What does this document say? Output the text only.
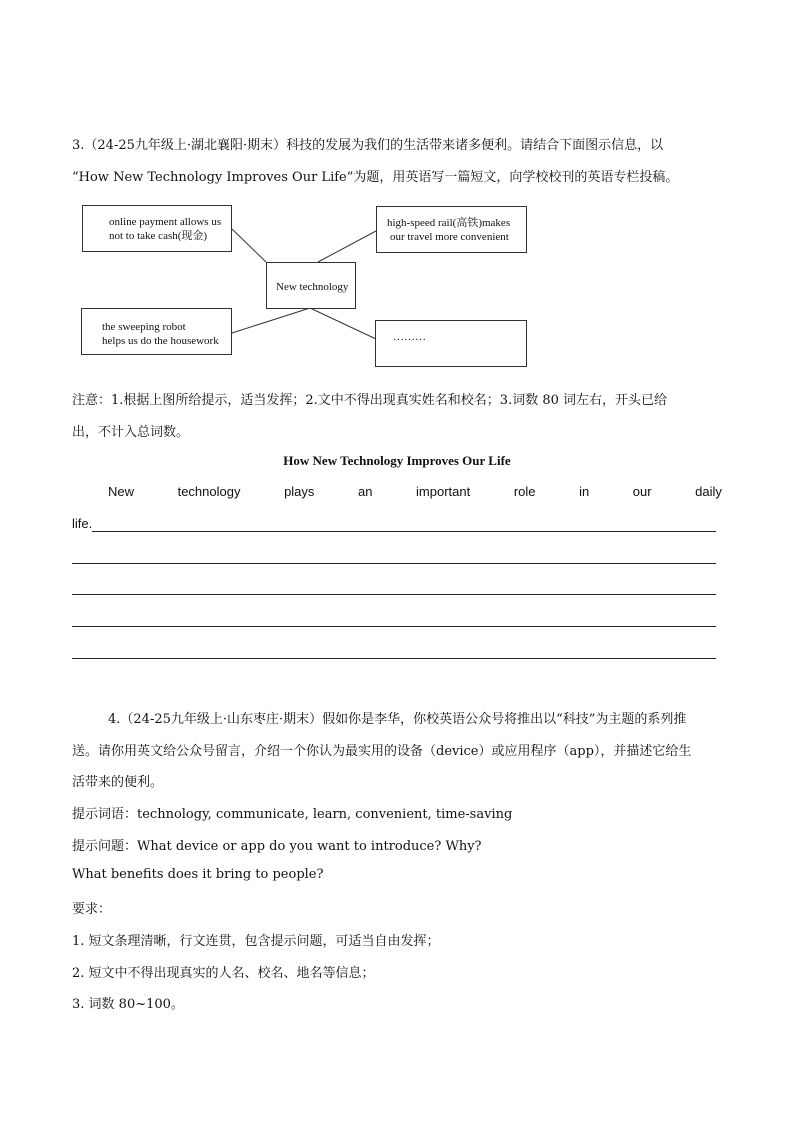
3.（24-25九年级上·湖北襄阳·期末）科技的发展为我们的生活带来诸多便利。请结合下面图示信息，以
“How New Technology Improves Our Life”为题，用英语写一篇短文，向学校校刊的英语专栏投稿。
online payment allows us
not to take cash(现金)
high-speed rail(高铁)makes
our travel more convenient
New technology
the sweeping robot
helps us do the housework	………
注意：1.根据上图所给提示，适当发挥；2.文中不得出现真实姓名和校名；3.词数 80 词左右，开头已给
出，不计入总词数。
How New Technology Improves Our Life
New	technology	plays	an	important	role	in	our	daily
life.
4.（24-25九年级上·山东枣庄·期末）假如你是李华，你校英语公众号将推出以“科技”为主题的系列推
送。请你用英文给公众号留言，介绍一个你认为最实用的设备（device）或应用程序（app），并描述它给生
活带来的便利。
提示词语：technology, communicate, learn, convenient, time-saving
提示问题：What device or app do you want to introduce? Why?
What benefits does it bring to people?
要求：
1. 短文条理清晰，行文连贯，包含提示问题，可适当自由发挥；
2. 短文中不得出现真实的人名、校名、地名等信息；
3. 词数 80~100。
